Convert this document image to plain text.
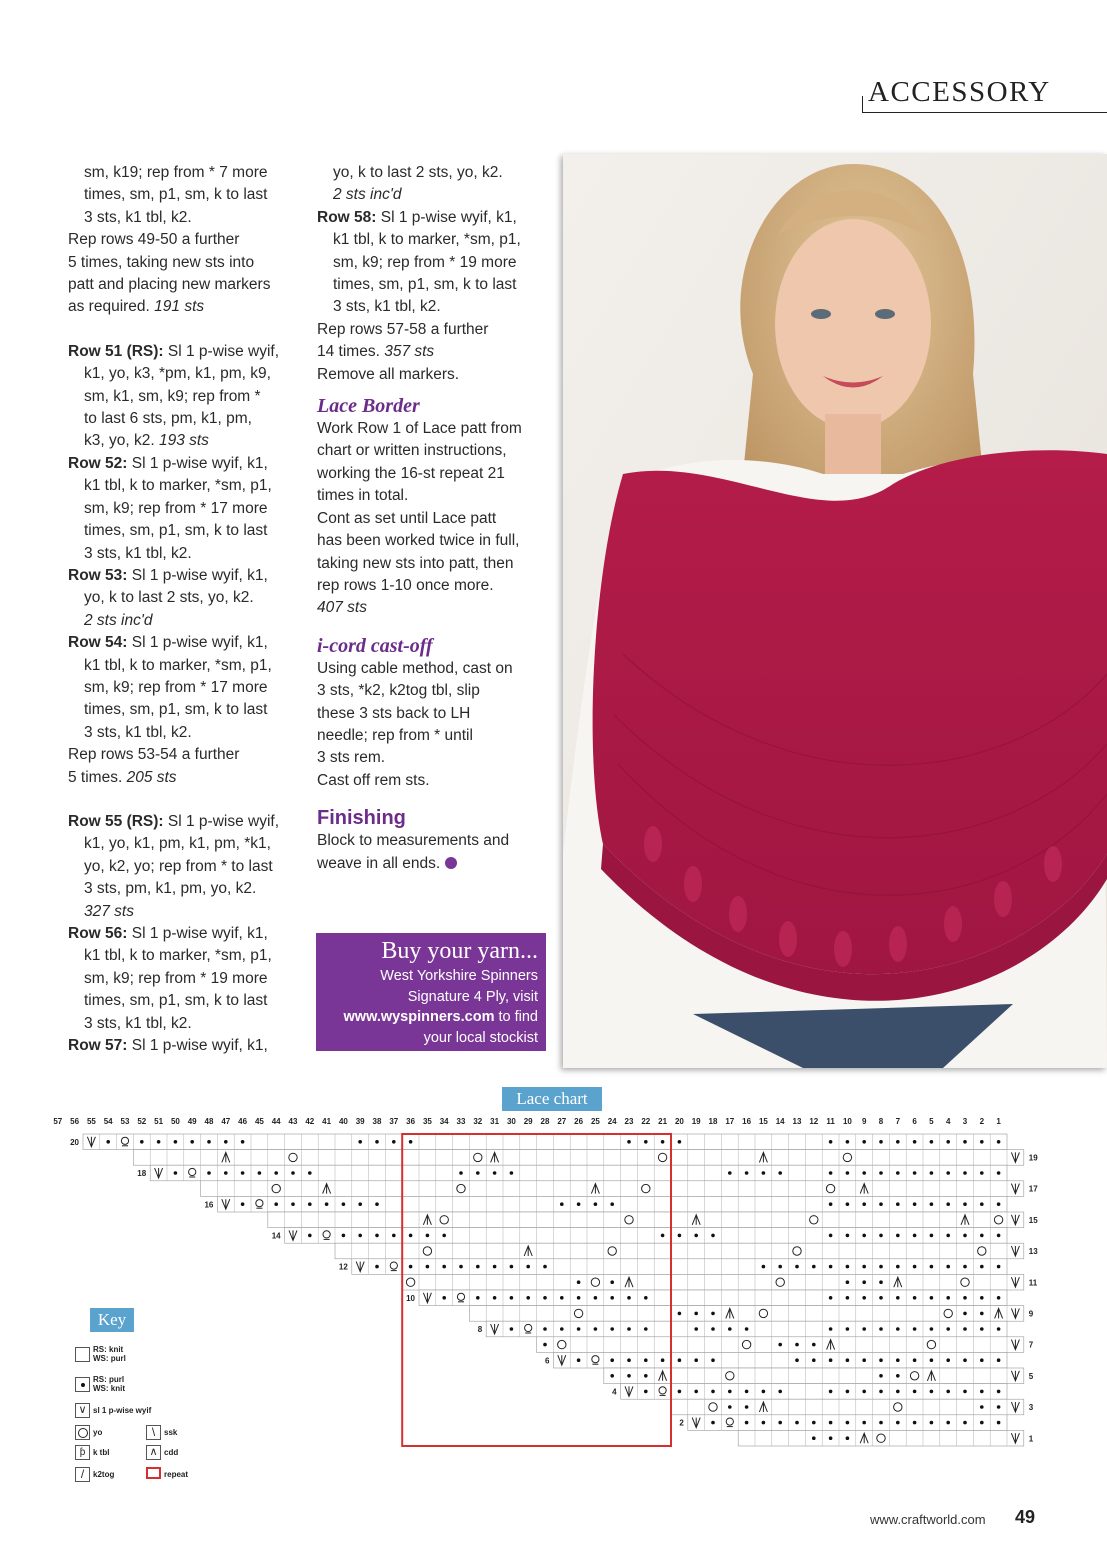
ACCESSORY

sm, k19; rep from * 7 more

times, sm, p1, sm, k to last

3 sts, k1 tbl, k2.

Rep rows 49-50 a further

5 times, taking new sts into

patt and placing new markers

as required. 191 sts

Row 51 (RS): Sl 1 p-wise wyif,

k1, yo, k3, *pm, k1, pm, k9,

sm, k1, sm, k9; rep from *

to last 6 sts, pm, k1, pm,

k3, yo, k2. 193 sts

Row 52: Sl 1 p-wise wyif, k1,

k1 tbl, k to marker, *sm, p1,

sm, k9; rep from * 17 more

times, sm, p1, sm, k to last

3 sts, k1 tbl, k2.

Row 53: Sl 1 p-wise wyif, k1,

yo, k to last 2 sts, yo, k2.

2 sts inc'd

Row 54: Sl 1 p-wise wyif, k1,

k1 tbl, k to marker, *sm, p1,

sm, k9; rep from * 17 more

times, sm, p1, sm, k to last

3 sts, k1 tbl, k2.

Rep rows 53-54 a further

5 times. 205 sts

Row 55 (RS): Sl 1 p-wise wyif,

k1, yo, k1, pm, k1, pm, *k1,

yo, k2, yo; rep from * to last

3 sts, pm, k1, pm, yo, k2.

327 sts

Row 56: Sl 1 p-wise wyif, k1,

k1 tbl, k to marker, *sm, p1,

sm, k9; rep from * 19 more

times, sm, p1, sm, k to last

3 sts, k1 tbl, k2.

Row 57: Sl 1 p-wise wyif, k1,

yo, k to last 2 sts, yo, k2.

2 sts inc'd

Row 58: Sl 1 p-wise wyif, k1,

k1 tbl, k to marker, *sm, p1,

sm, k9; rep from * 19 more

times, sm, p1, sm, k to last

3 sts, k1 tbl, k2.

Rep rows 57-58 a further

14 times. 357 sts

Remove all markers.

Lace Border

Work Row 1 of Lace patt from

chart or written instructions,

working the 16-st repeat 21

times in total.

Cont as set until Lace patt

has been worked twice in full,

taking new sts into patt, then

rep rows 1-10 once more.

407 sts

i-cord cast-off

Using cable method, cast on

3 sts, *k2, k2tog tbl, slip

these 3 sts back to LH

needle; rep from * until

3 sts rem.

Cast off rem sts.

Finishing

Block to measurements and

weave in all ends.

Buy your yarn...
West Yorkshire Spinners
Signature 4 Ply, visit
www.wyspinners.com to find
your local stockist
Lace chart
1
2
3
4
5
6
7
8
9
10
11
12
13
14
15
16
17
18
19
20
21
22
23
24
25
26
27
28
29
30
31
32
33
34
35
36
37
38
39
40
41
42
43
44
45
46
47
48
49
50
51
52
53
54
55
56
57
20
19
18
17
16
15
14
13
12
11
10
9
8
7
6
5
4
3
2
1
Key
RS: knit
WS: purl
RS: purl
WS: knit
∨ sl 1 p-wise wyif
yo
ƥ k tbl
/	k2tog
\	ssk
∧ cdd
repeat
www.craftworld.com 49
